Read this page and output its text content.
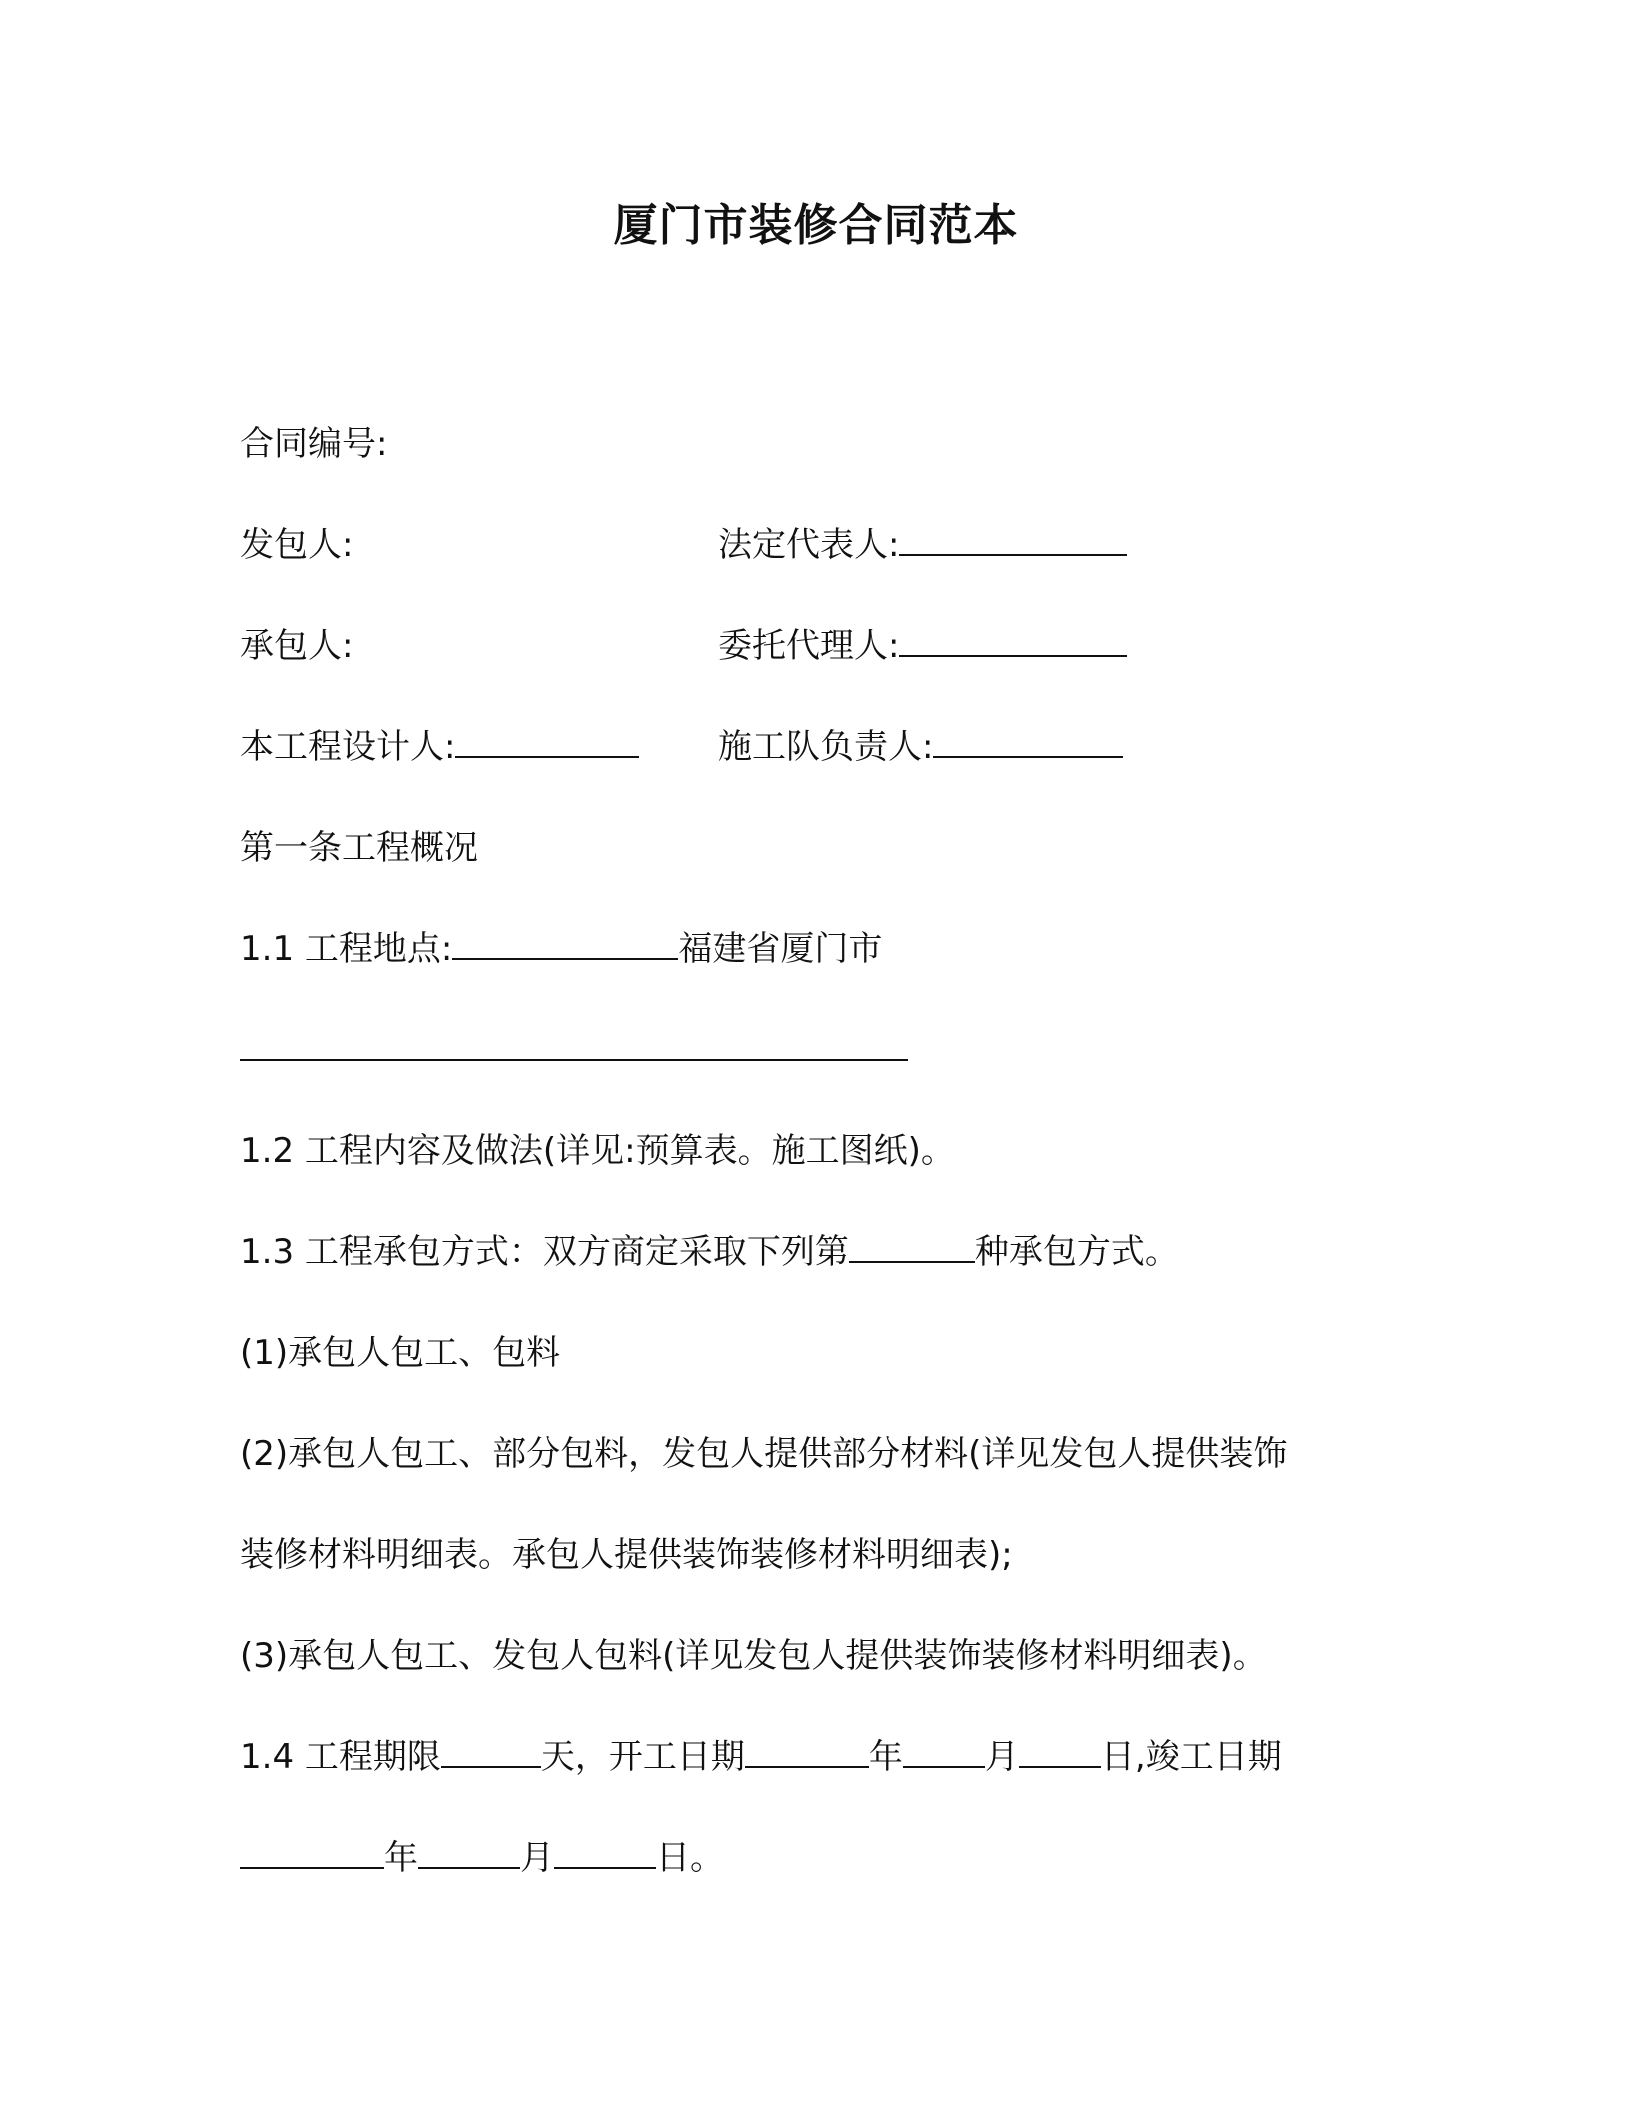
厦门市装修合同范本
合同编号:
发包人:	法定代表人:
承包人:	委托代理人:
本工程设计人:	施工队负责人:
第一条工程概况
1.1 工程地点:	福建省厦门市
1.2 工程内容及做法(详见:预算表。施工图纸)。
1.3 工程承包方式：双方商定采取下列第	种承包方式。
(1)承包人包工、包料
(2)承包人包工、部分包料，发包人提供部分材料(详见发包人提供装饰
装修材料明细表。承包人提供装饰装修材料明细表);
(3)承包人包工、发包人包料(详见发包人提供装饰装修材料明细表)。
1.4 工程期限	天，开工日期	年 月 日,竣工日期
年	月	日。
